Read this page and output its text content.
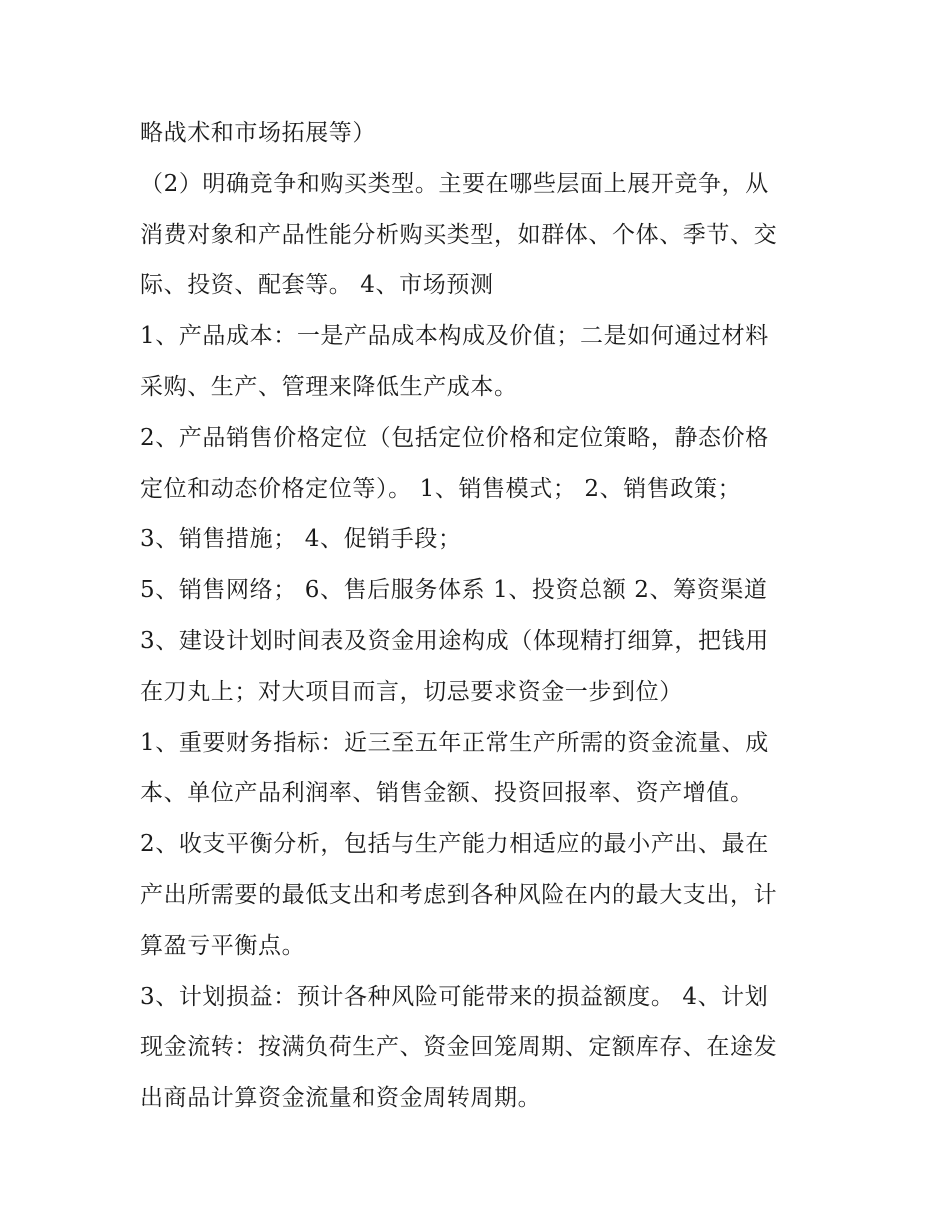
略战术和市场拓展等）
（2）明确竞争和购买类型。主要在哪些层面上展开竞争，从
消费对象和产品性能分析购买类型，如群体、个体、季节、交
际、投资、配套等。 4、市场预测
1、产品成本：一是产品成本构成及价值；二是如何通过材料
采购、生产、管理来降低生产成本。
2、产品销售价格定位（包括定位价格和定位策略，静态价格
定位和动态价格定位等）。 1、销售模式； 2、销售政策；
3、销售措施； 4、促销手段；
5、销售网络； 6、售后服务体系 1、投资总额 2、筹资渠道
3、建设计划时间表及资金用途构成（体现精打细算，把钱用
在刀丸上；对大项目而言，切忌要求资金一步到位）
1、重要财务指标：近三至五年正常生产所需的资金流量、成
本、单位产品利润率、销售金额、投资回报率、资产增值。
2、收支平衡分析，包括与生产能力相适应的最小产出、最在
产出所需要的最低支出和考虑到各种风险在内的最大支出，计
算盈亏平衡点。
3、计划损益：预计各种风险可能带来的损益额度。 4、计划
现金流转：按满负荷生产、资金回笼周期、定额库存、在途发
出商品计算资金流量和资金周转周期。
